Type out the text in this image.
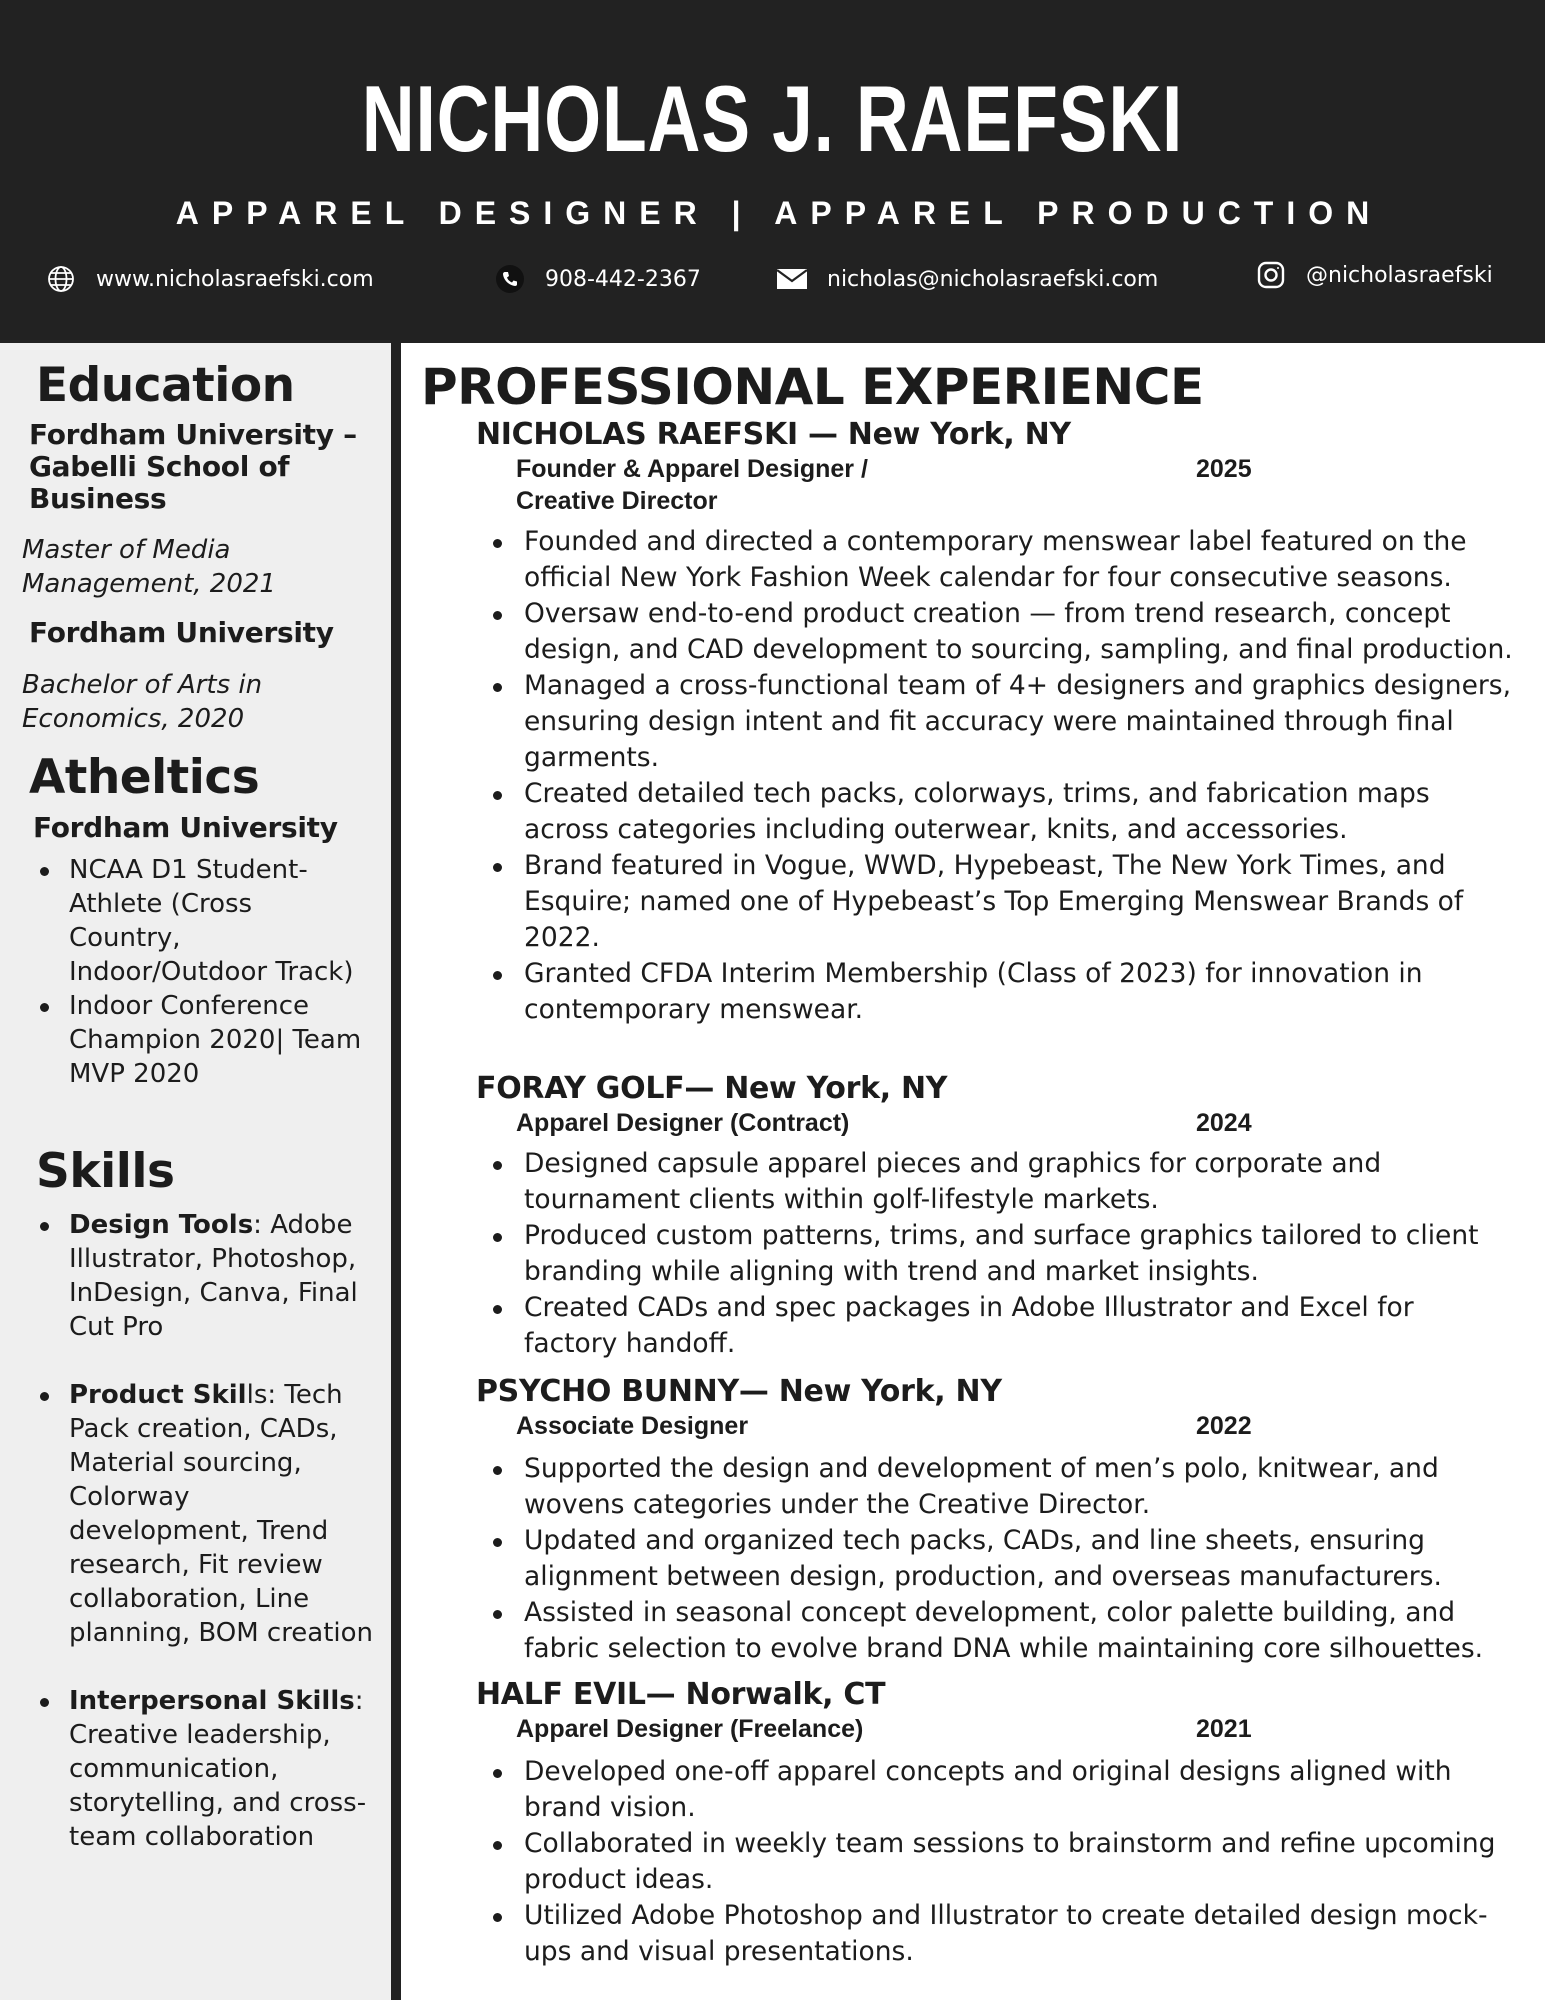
NICHOLAS J. RAEFSKI
APPAREL DESIGNER | APPAREL PRODUCTION
www.nicholasraefski.com	908-442-2367	nicholas@nicholasraefski.com	@nicholasraefski
Education
Fordham University – Gabelli School of Business
Master of Media
Management, 2021
Fordham University
Bachelor of Arts in
Economics, 2020
Atheltics
Fordham University
NCAA D1 Student-Athlete (Cross Country, Indoor/Outdoor Track)
Indoor Conference Champion 2020| Team MVP 2020
Skills
Design Tools: Adobe Illustrator, Photoshop, InDesign, Canva, Final Cut Pro
Product Skills: Tech Pack creation, CADs, Material sourcing, Colorway development, Trend research, Fit review collaboration, Line planning, BOM creation
Interpersonal Skills: Creative leadership, communication, storytelling, and cross-team collaboration
PROFESSIONAL EXPERIENCE
NICHOLAS RAEFSKI — New York, NY
Founder & Apparel Designer / Creative Director
2025
Founded and directed a contemporary menswear label featured on the official New York Fashion Week calendar for four consecutive seasons.
Oversaw end-to-end product creation — from trend research, concept design, and CAD development to sourcing, sampling, and final production.
Managed a cross-functional team of 4+ designers and graphics designers, ensuring design intent and fit accuracy were maintained through final garments.
Created detailed tech packs, colorways, trims, and fabrication maps across categories including outerwear, knits, and accessories.
Brand featured in Vogue, WWD, Hypebeast, The New York Times, and Esquire; named one of Hypebeast’s Top Emerging Menswear Brands of 2022.
Granted CFDA Interim Membership (Class of 2023) for innovation in contemporary menswear.
FORAY GOLF— New York, NY
Apparel Designer (Contract)	2024
Designed capsule apparel pieces and graphics for corporate and tournament clients within golf-lifestyle markets.
Produced custom patterns, trims, and surface graphics tailored to client branding while aligning with trend and market insights.
Created CADs and spec packages in Adobe Illustrator and Excel for factory handoff.
PSYCHO BUNNY— New York, NY
Associate Designer	2022
Supported the design and development of men’s polo, knitwear, and wovens categories under the Creative Director.
Updated and organized tech packs, CADs, and line sheets, ensuring alignment between design, production, and overseas manufacturers.
Assisted in seasonal concept development, color palette building, and fabric selection to evolve brand DNA while maintaining core silhouettes.
HALF EVIL— Norwalk, CT
Apparel Designer (Freelance)	2021
Developed one-off apparel concepts and original designs aligned with brand vision.
Collaborated in weekly team sessions to brainstorm and refine upcoming product ideas.
Utilized Adobe Photoshop and Illustrator to create detailed design mock-ups and visual presentations.
